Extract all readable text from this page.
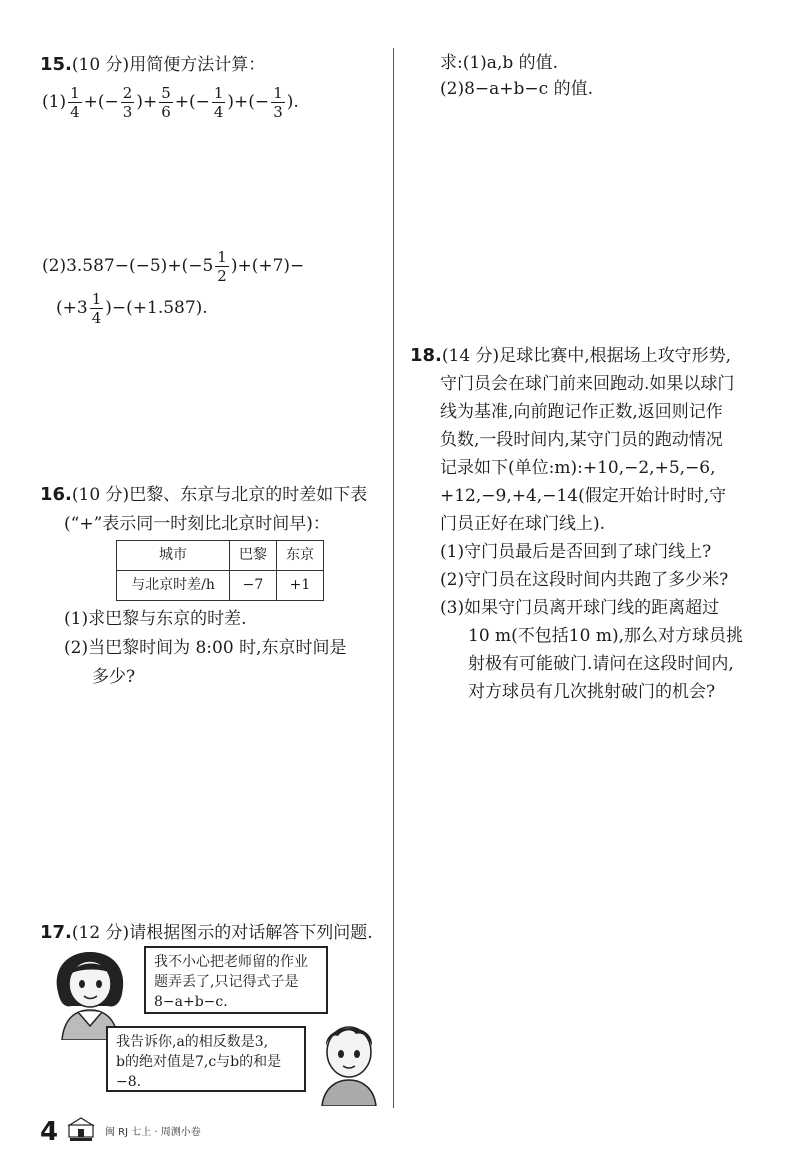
15.(10 分)用简便方法计算：
$(1) \frac{1}{4}$ +(− $\frac{2}{3}$ )+ $\frac{5}{6}$ +(− $\frac{1}{4}$ )+(− $\frac{1}{3}$ ).
$(2)3.587-(-5)+(-5 \frac{1}{2} )+(+7)-$
$(+3 \frac{1}{4} )-(+1.587)$.
16.(10 分)巴黎、东京与北京的时差如下表
(“+”表示同一时刻比北京时间早)：
城市	巴黎	东京
与北京时差/h	−7	+1
(1)求巴黎与东京的时差.
(2)当巴黎时间为 8:00 时,东京时间是
多少?
17.(12 分)请根据图示的对话解答下列问题.
我不小心把老师留的作业
题弄丢了,只记得式子是
8−a+b−c.
我告诉你,a的相反数是3,
b的绝对值是7,c与b的和是
−8.
求:(1)a,b 的值.
(2)8−a+b−c 的值.
18.(14 分)足球比赛中,根据场上攻守形势,
守门员会在球门前来回跑动.如果以球门
线为基准,向前跑记作正数,返回则记作
负数,一段时间内,某守门员的跑动情况
记录如下(单位:m):+10,−2,+5,−6,
+12,−9,+4,−14(假定开始计时时,守
门员正好在球门线上).
(1)守门员最后是否回到了球门线上?
(2)守门员在这段时间内共跑了多少米?
(3)如果守门员离开球门线的距离超过
10 m(不包括10 m),那么对方球员挑
射极有可能破门.请问在这段时间内,
对方球员有几次挑射破门的机会?
4	闽 RJ 七上 · 周测小卷
